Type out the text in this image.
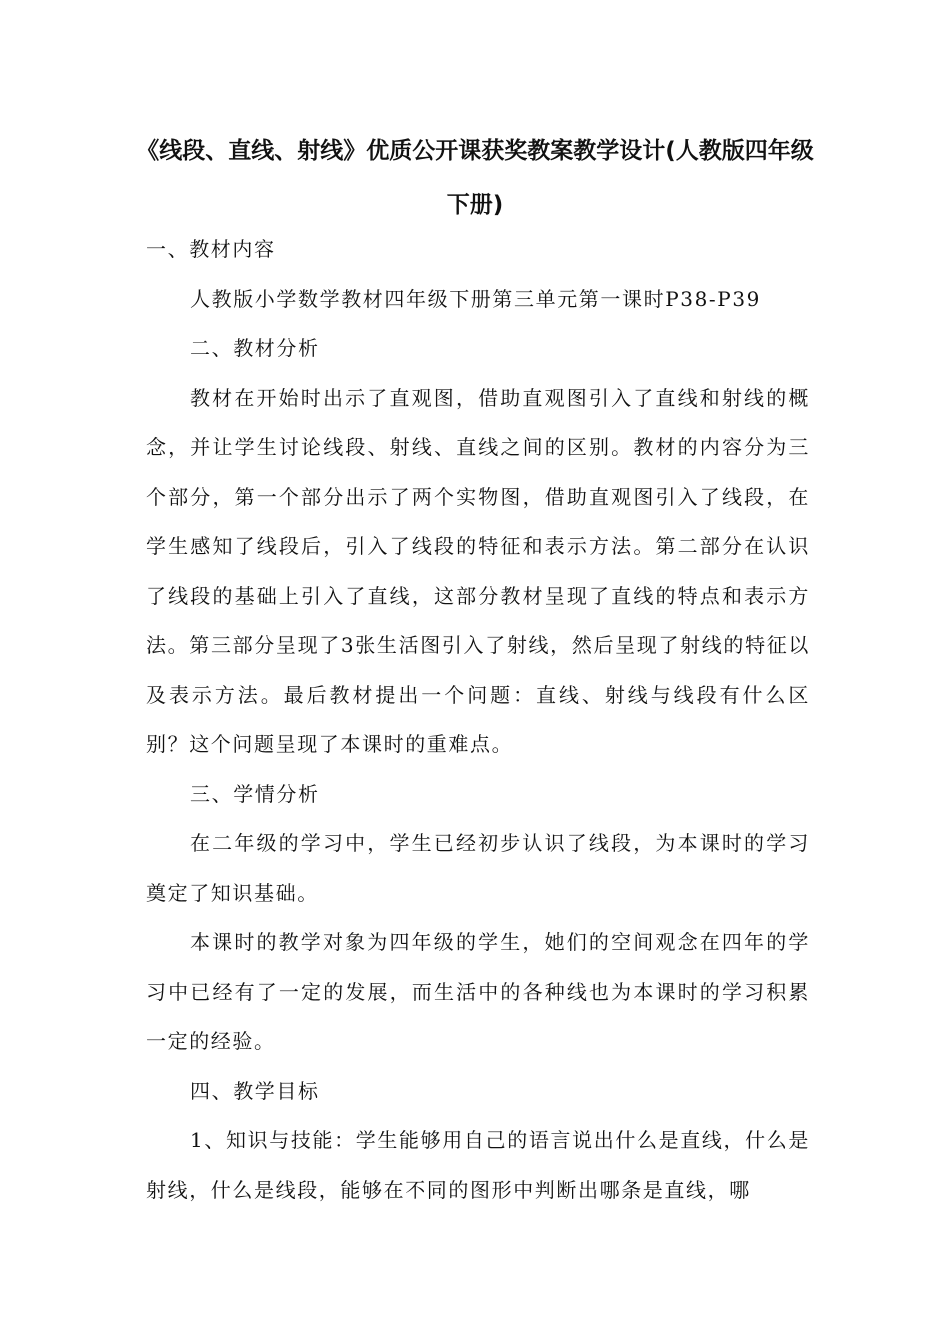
《线段、直线、射线》优质公开课获奖教案教学设计(人教版四年级
下册)

一、教材内容

人教版小学数学教材四年级下册第三单元第一课时P38-P39

二、教材分析

教材在开始时出示了直观图，借助直观图引入了直线和射线的概念，并让学生讨论线段、射线、直线之间的区别。教材的内容分为三个部分，第一个部分出示了两个实物图，借助直观图引入了线段，在学生感知了线段后，引入了线段的特征和表示方法。第二部分在认识了线段的基础上引入了直线，这部分教材呈现了直线的特点和表示方法。第三部分呈现了3张生活图引入了射线，然后呈现了射线的特征以及表示方法。最后教材提出一个问题：直线、射线与线段有什么区别？这个问题呈现了本课时的重难点。

三、学情分析

在二年级的学习中，学生已经初步认识了线段，为本课时的学习奠定了知识基础。

本课时的教学对象为四年级的学生，她们的空间观念在四年的学习中已经有了一定的发展，而生活中的各种线也为本课时的学习积累一定的经验。

四、教学目标

1、知识与技能：学生能够用自己的语言说出什么是直线，什么是射线，什么是线段，能够在不同的图形中判断出哪条是直线，哪
